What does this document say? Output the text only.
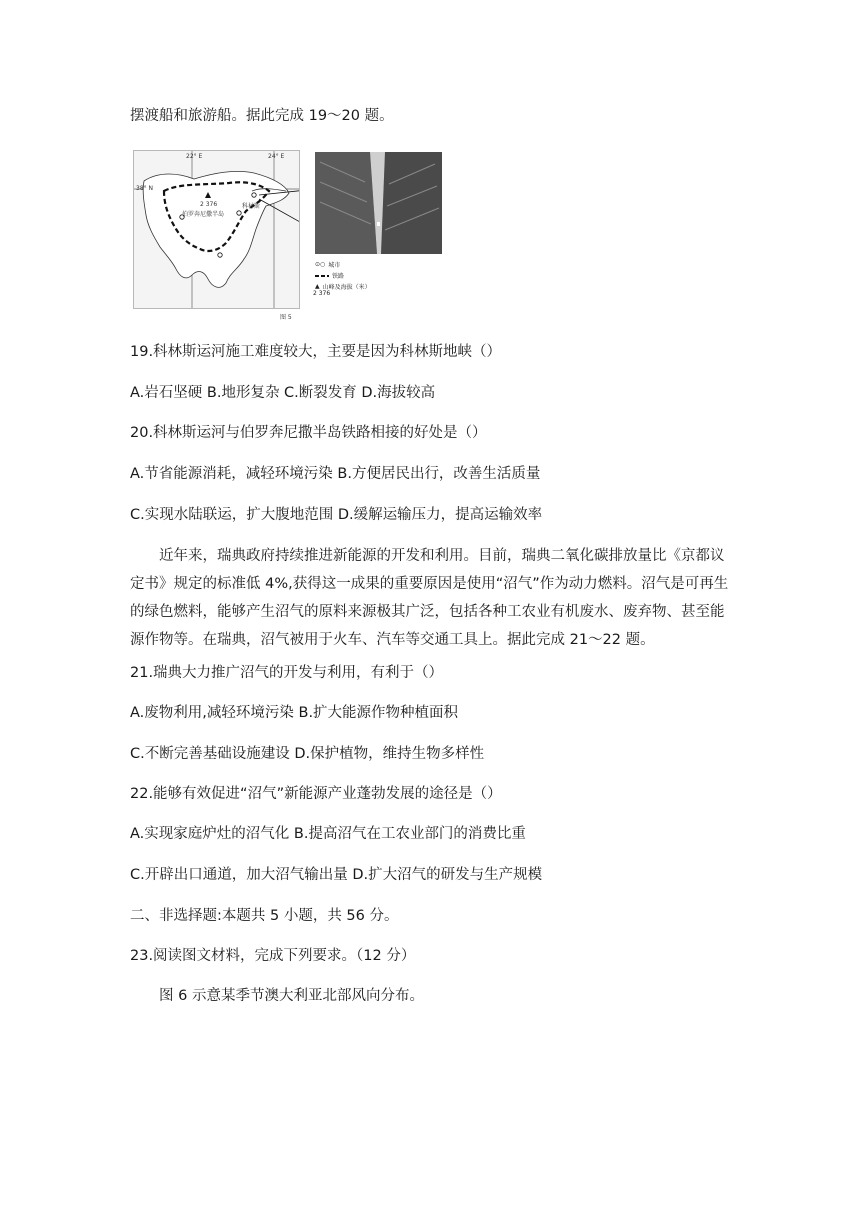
摆渡船和旅游船。据此完成 19～20 题。
22° E	24° E
38° N
科林斯
2 376
伯罗奔尼撒半岛
⊙○ 城市
铁路
▲ 山峰及海拔（米）
2 376
图 5
19.科林斯运河施工难度较大，主要是因为科林斯地峡（）
A.岩石坚硬 B.地形复杂 C.断裂发育 D.海拔较高
20.科林斯运河与伯罗奔尼撒半岛铁路相接的好处是（）
A.节省能源消耗，减轻环境污染 B.方便居民出行，改善生活质量
C.实现水陆联运，扩大腹地范围 D.缓解运输压力，提高运输效率
近年来，瑞典政府持续推进新能源的开发和利用。目前，瑞典二氧化碳排放量比《京都议定书》规定的标准低 4%,获得这一成果的重要原因是使用“沼气”作为动力燃料。沼气是可再生的绿色燃料，能够产生沼气的原料来源极其广泛，包括各种工农业有机废水、废弃物、甚至能源作物等。在瑞典，沼气被用于火车、汽车等交通工具上。据此完成 21～22 题。
21.瑞典大力推广沼气的开发与利用，有利于（）
A.废物利用,减轻环境污染 B.扩大能源作物种植面积
C.不断完善基础设施建设 D.保护植物，维持生物多样性
22.能够有效促进“沼气”新能源产业蓬勃发展的途径是（）
A.实现家庭炉灶的沼气化 B.提高沼气在工农业部门的消费比重
C.开辟出口通道，加大沼气输出量 D.扩大沼气的研发与生产规模
二、非选择题:本题共 5 小题，共 56 分。
23.阅读图文材料，完成下列要求。（12 分）
图 6 示意某季节澳大利亚北部风向分布。
